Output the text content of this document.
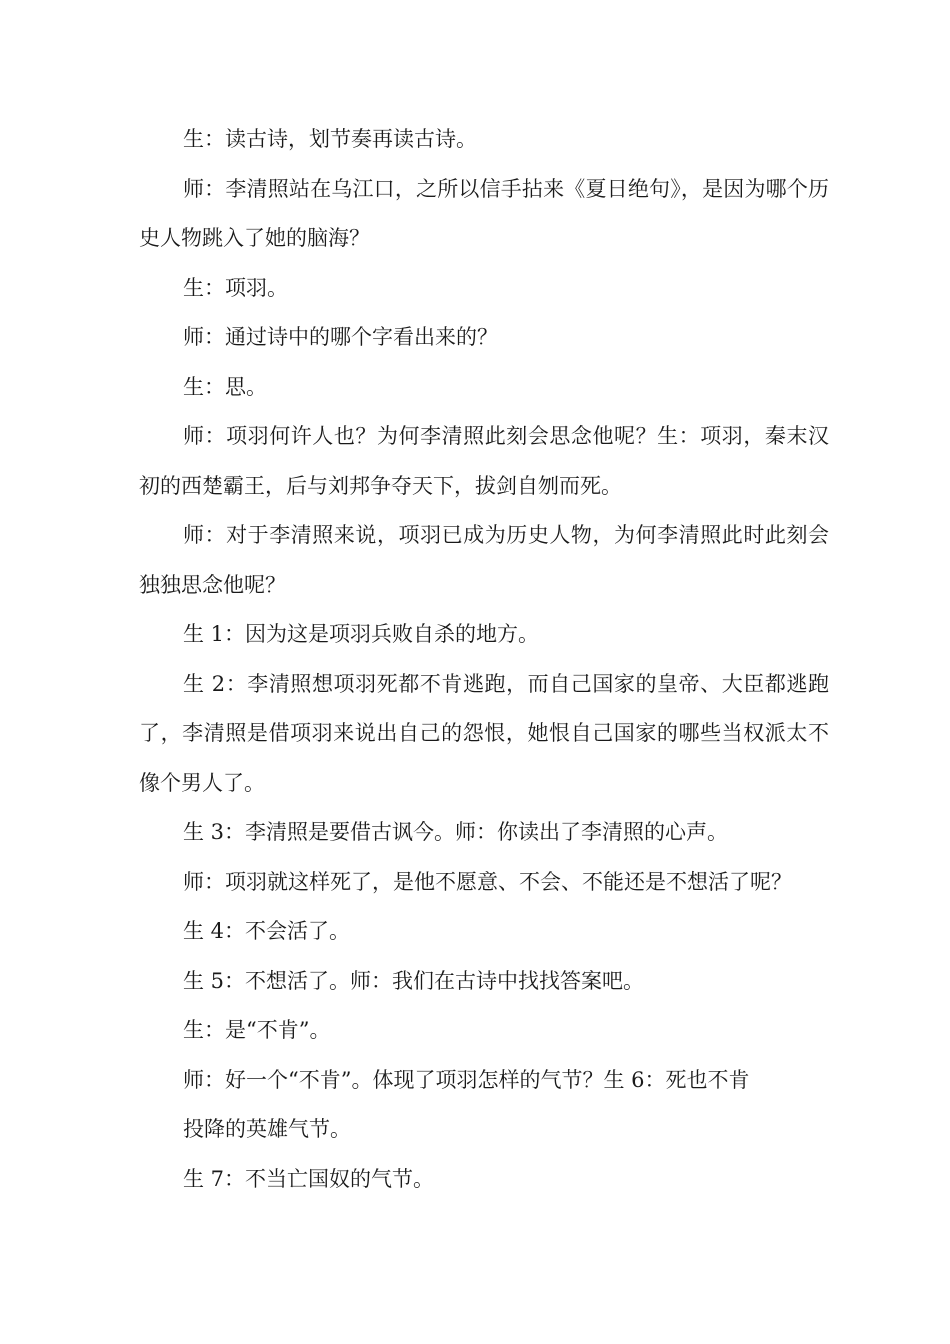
生：读古诗，划节奏再读古诗。

师：李清照站在乌江口，之所以信手拈来《夏日绝句》，是因为哪个历史人物跳入了她的脑海？

生：项羽。

师：通过诗中的哪个字看出来的？

生：思。

师：项羽何许人也？为何李清照此刻会思念他呢？生：项羽，秦末汉初的西楚霸王，后与刘邦争夺天下，拔剑自刎而死。

师：对于李清照来说，项羽已成为历史人物，为何李清照此时此刻会独独思念他呢？

生 1：因为这是项羽兵败自杀的地方。

生 2：李清照想项羽死都不肯逃跑，而自己国家的皇帝、大臣都逃跑了，李清照是借项羽来说出自己的怨恨，她恨自己国家的哪些当权派太不像个男人了。

生 3：李清照是要借古讽今。师：你读出了李清照的心声。

师：项羽就这样死了，是他不愿意、不会、不能还是不想活了呢？

生 4：不会活了。

生 5：不想活了。师：我们在古诗中找找答案吧。

生：是“不肯”。

师：好一个“不肯”。体现了项羽怎样的气节？生 6：死也不肯

投降的英雄气节。

生 7：不当亡国奴的气节。
